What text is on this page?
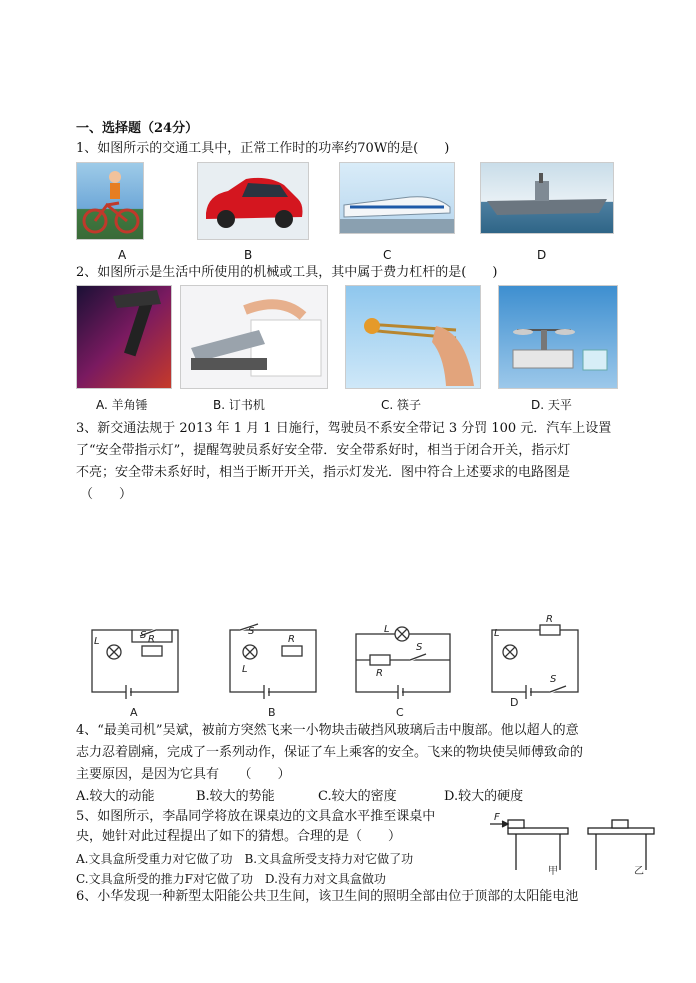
一、选择题（24分）
1、如图所示的交通工具中，正常工作时的功率约70W的是(　　)
A	B	C	D
2、如图所示是生活中所使用的机械或工具，其中属于费力杠杆的是(　　)
A. 羊角锤	B. 订书机	C. 筷子	D. 天平
3、新交通法规于 2013 年 1 月 1 日施行，驾驶员不系安全带记 3 分罚 100 元．汽车上设置
了“安全带指示灯”，提醒驾驶员系好安全带．安全带系好时，相当于闭合开关，指示灯
不亮；安全带未系好时，相当于断开开关，指示灯发光．图中符合上述要求的电路图是
（　　）
L
S R
L
S
R
L
R
S
L
R
S
A	B	C
D
4、“最美司机”吴斌，被前方突然飞来一小物块击破挡风玻璃后击中腹部。他以超人的意
志力忍着剧痛，完成了一系列动作，保证了车上乘客的安全。飞来的物块使吴师傅致命的
主要原因，是因为它具有　　（　　）
A.较大的动能	B.较大的势能	C.较大的密度	D.较大的硬度
5、如图所示，李晶同学将放在课桌边的文具盒水平推至课桌中
央，她针对此过程提出了如下的猜想。合理的是（　　）
A.文具盒所受重力对它做了功　B.文具盒所受支持力对它做了功
C.文具盒所受的推力F对它做了功　D.没有力对文具盒做功
F
甲	乙
6、小华发现一种新型太阳能公共卫生间，该卫生间的照明全部由位于顶部的太阳能电池
